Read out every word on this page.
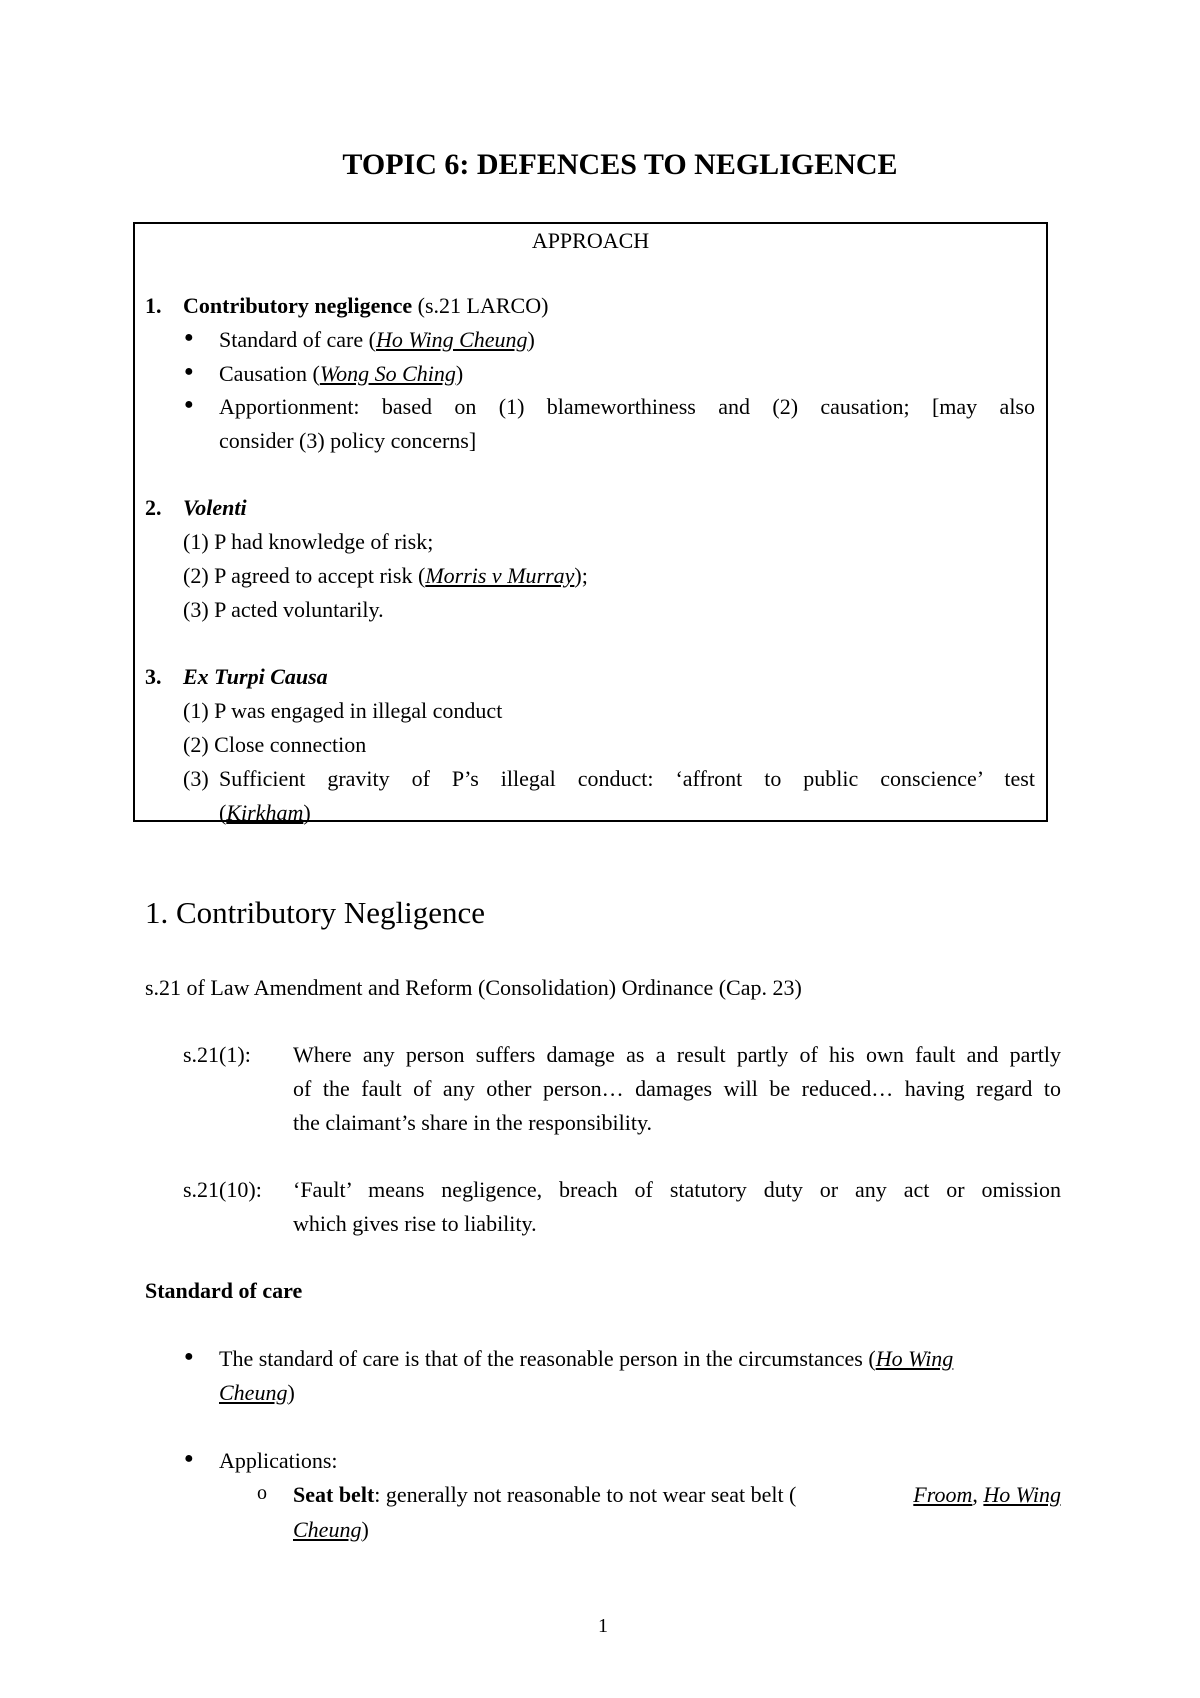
TOPIC 6: DEFENCES TO NEGLIGENCE
APPROACH
1. Contributory negligence (s.21 LARCO)
● Standard of care (Ho Wing Cheung)
● Causation (Wong So Ching)
● Apportionment: based on (1) blameworthiness and (2) causation; [may also
consider (3) policy concerns]
2. Volenti
(1) P had knowledge of risk;
(2) P agreed to accept risk (Morris v Murray);
(3) P acted voluntarily.
3. Ex Turpi Causa
(1) P was engaged in illegal conduct
(2) Close connection
(3) Sufficient gravity of P’s illegal conduct: ‘affront to public conscience’ test
(Kirkham)
1. Contributory Negligence
s.21 of Law Amendment and Reform (Consolidation) Ordinance (Cap. 23)
s.21(1): Where any person suffers damage as a result partly of his own fault and partly
of the fault of any other person… damages will be reduced… having regard to
the claimant’s share in the responsibility.
s.21(10): ‘Fault’ means negligence, breach of statutory duty or any act or omission
which gives rise to liability.
Standard of care
● The standard of care is that of the reasonable person in the circumstances (Ho Wing
Cheung)
● Applications:
o Seat belt: generally not reasonable to not wear seat belt (	Froom, Ho Wing
Cheung)
1
